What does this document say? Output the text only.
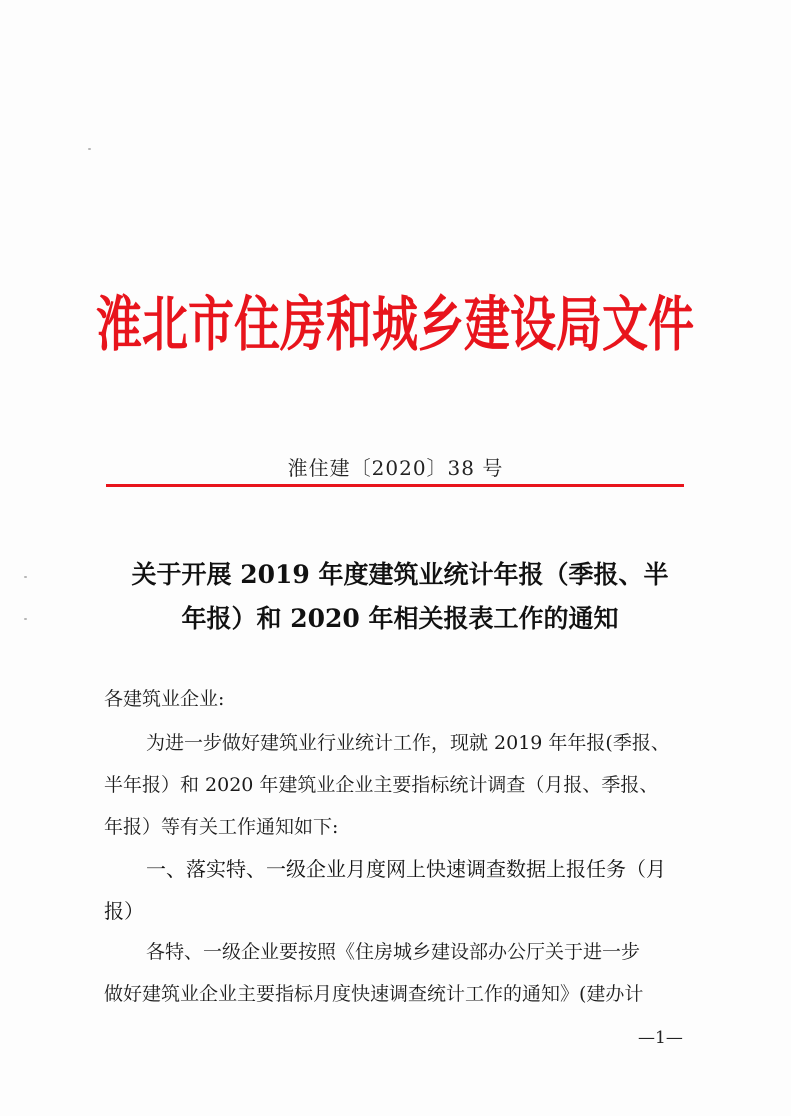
淮北市住房和城乡建设局文件
淮住建〔2020〕38 号
关于开展 2019 年度建筑业统计年报（季报、半
年报）和 2020 年相关报表工作的通知
各建筑业企业:
为进一步做好建筑业行业统计工作，现就 2019 年年报(季报、
半年报）和 2020 年建筑业企业主要指标统计调查（月报、季报、
年报）等有关工作通知如下:
一、落实特、一级企业月度网上快速调查数据上报任务（月
报）
各特、一级企业要按照《住房城乡建设部办公厅关于进一步
做好建筑业企业主要指标月度快速调查统计工作的通知》(建办计
—1—
